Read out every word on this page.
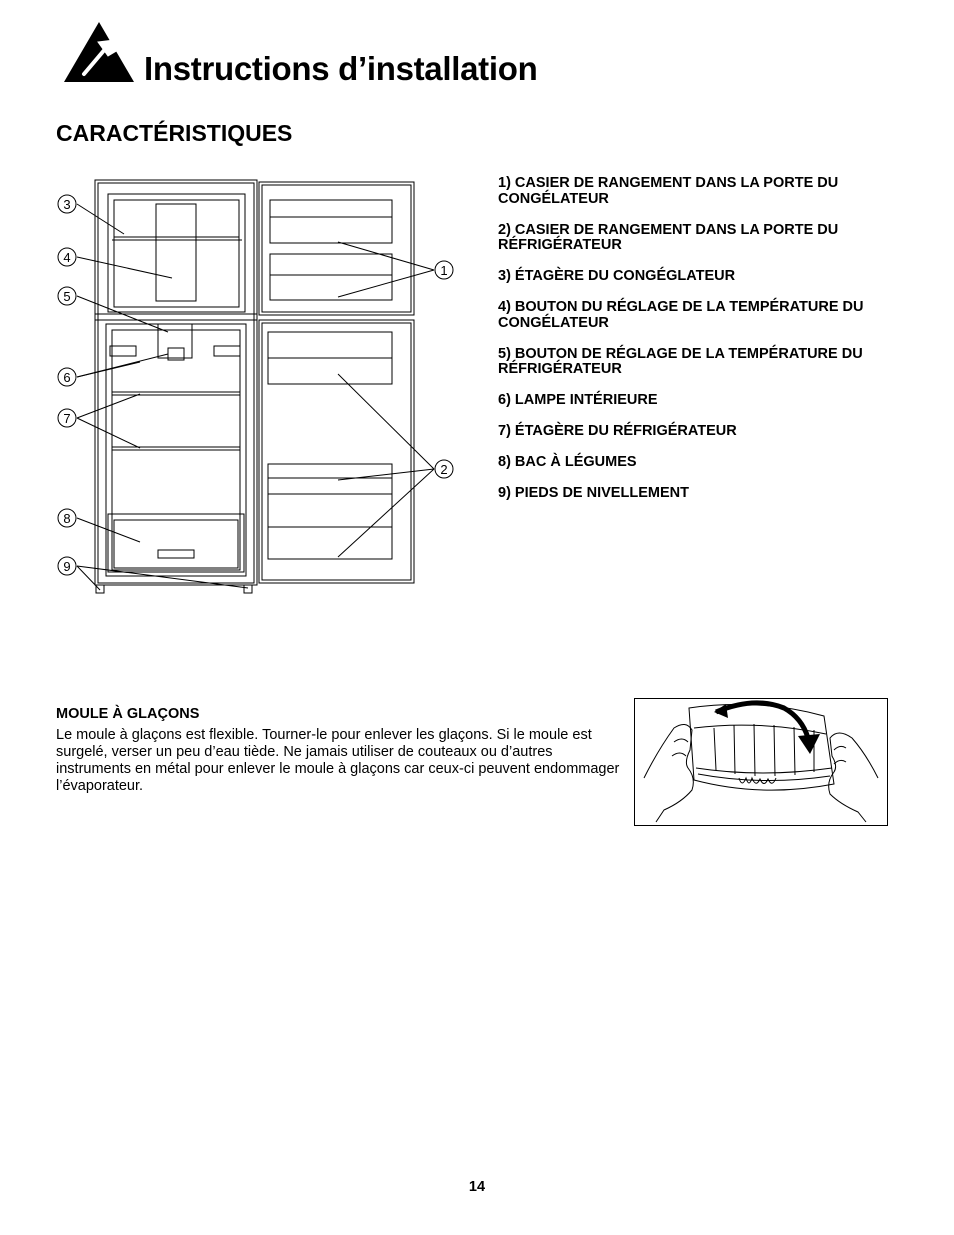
Instructions d’installation
CARACTÉRISTIQUES
3
4
5
6
7
8
9
1
2
1) CASIER DE RANGEMENT DANS LA PORTE DU CONGÉLATEUR
2) CASIER DE RANGEMENT DANS LA PORTE DU RÉFRIGÉRATEUR
3) ÉTAGÈRE DU CONGÉGLATEUR
4) BOUTON DU RÉGLAGE DE LA TEMPÉRATURE DU CONGÉLATEUR
5) BOUTON DE RÉGLAGE DE LA TEMPÉRATURE DU RÉFRIGÉRATEUR
6) LAMPE INTÉRIEURE
7) ÉTAGÈRE DU RÉFRIGÉRATEUR
8) BAC À LÉGUMES
9) PIEDS DE NIVELLEMENT
MOULE À GLAÇONS
Le moule à glaçons est flexible. Tourner-le pour enlever les glaçons. Si le moule est surgelé, verser un peu d’eau tiède. Ne jamais utiliser de couteaux ou d’autres instruments en métal pour enlever le moule à glaçons car ceux-ci peuvent endommager l’évaporateur.
14
